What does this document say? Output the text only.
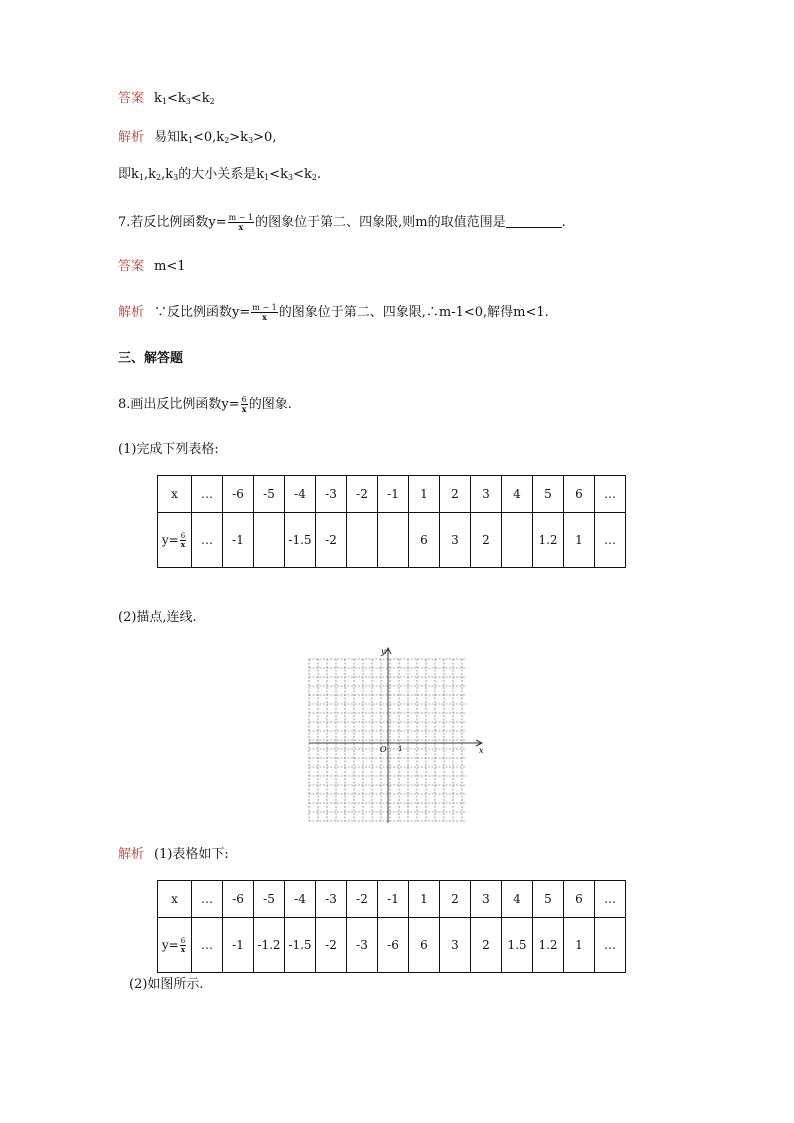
答案 $k_1<k_3<k_2$
解析 易知$k_1<0,k_2>k_3>0$,
即$k_1,k_2,k_3$的大小关系是$k_1<k_3<k_2$.
7.若反比例函数$y= \frac{m - 1}{x}$ 的图象位于第二、四象限,则m的取值范围是	.
答案 m<1
解析 ∵反比例函数$y= \frac{m - 1}{x}$ 的图象位于第二、四象限,∴m-1<0,解得m<1.
三、解答题
8.画出反比例函数$y= \frac{6}{x}$ 的图象.
(1)完成下列表格:
x	…	-6	-5	-4	-3	-2	-1	1	2	3	4	5	6	…
$y= \frac{6}{x}$	…	-1		-1.5	-2			6	3	2		1.2	1	…
(2)描点,连线.
y
x
O 1
解析 (1)表格如下:
x	…	-6	-5	-4	-3	-2	-1	1	2	3	4	5	6	…
$y= \frac{6}{x}$	…	-1	-1.2	-1.5	-2	-3	-6	6	3	2	1.5	1.2	1	…
(2)如图所示.
